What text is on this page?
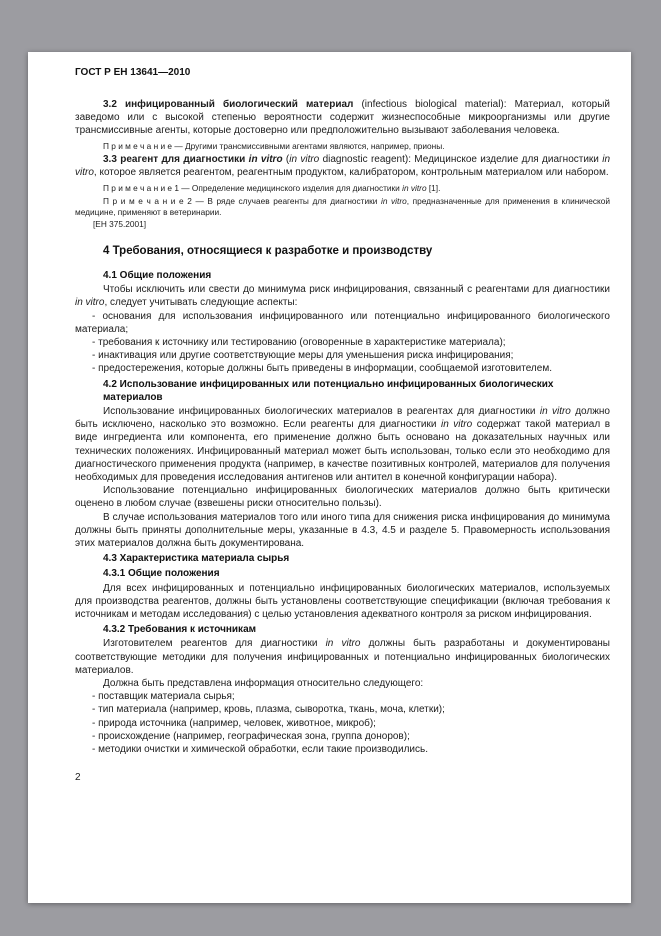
ГОСТ Р ЕН 13641—2010
3.2 инфицированный биологический материал (infectious biological material): Материал, который заведомо или с высокой степенью вероятности содержит жизнеспособные микроорганизмы или другие трансмиссивные агенты, которые достоверно или предположительно вызывают заболевания человека.
П р и м е ч а н и е — Другими трансмиссивными агентами являются, например, прионы.
3.3 реагент для диагностики in vitro (in vitro diagnostic reagent): Медицинское изделие для диагностики in vitro, которое является реагентом, реагентным продуктом, калибратором, контрольным материалом или набором.
П р и м е ч а н и е 1 — Определение медицинского изделия для диагностики in vitro [1].
П р и м е ч а н и е 2 — В ряде случаев реагенты для диагностики in vitro, предназначенные для применения в клинической медицине, применяют в ветеринарии.
[ЕН 375.2001]
4 Требования, относящиеся к разработке и производству
4.1 Общие положения
Чтобы исключить или свести до минимума риск инфицирования, связанный с реагентами для диагностики in vitro, следует учитывать следующие аспекты:
- основания для использования инфицированного или потенциально инфицированного биологического материала;
- требования к источнику или тестированию (оговоренные в характеристике материала);
- инактивация или другие соответствующие меры для уменьшения риска инфицирования;
- предостережения, которые должны быть приведены в информации, сообщаемой изготовителем.
4.2 Использование инфицированных или потенциально инфицированных биологических материалов
Использование инфицированных биологических материалов в реагентах для диагностики in vitro должно быть исключено, насколько это возможно. Если реагенты для диагностики in vitro содержат такой материал в виде ингредиента или компонента, его применение должно быть основано на доказательных научных или технических положениях. Инфицированный материал может быть использован, только если это необходимо для диагностического применения продукта (например, в качестве позитивных контролей, материалов для получения необходимых для проведения исследования антигенов или антител в конечной конфигурации набора).
Использование потенциально инфицированных биологических материалов должно быть критически оценено в любом случае (взвешены риски относительно пользы).
В случае использования материалов того или иного типа для снижения риска инфицирования до минимума должны быть приняты дополнительные меры, указанные в 4.3, 4.5 и разделе 5. Правомерность использования этих материалов должна быть документирована.
4.3 Характеристика материала сырья
4.3.1 Общие положения
Для всех инфицированных и потенциально инфицированных биологических материалов, используемых для производства реагентов, должны быть установлены соответствующие спецификации (включая требования к источникам и методам исследования) с целью установления адекватного контроля за риском инфицирования.
4.3.2 Требования к источникам
Изготовителем реагентов для диагностики in vitro должны быть разработаны и документированы соответствующие методики для получения инфицированных и потенциально инфицированных биологических материалов.
Должна быть представлена информация относительно следующего:
- поставщик материала сырья;
- тип материала (например, кровь, плазма, сыворотка, ткань, моча, клетки);
- природа источника (например, человек, животное, микроб);
- происхождение (например, географическая зона, группа доноров);
- методики очистки и химической обработки, если такие производились.
2
